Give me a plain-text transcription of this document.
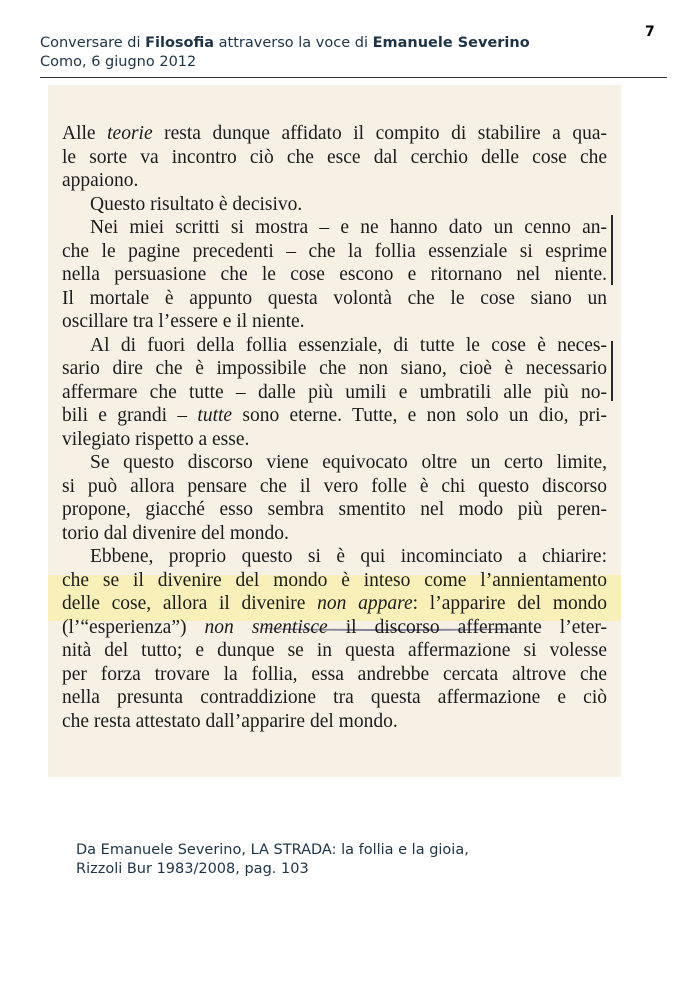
Conversare di Filosofia attraverso la voce di Emanuele Severino
Como, 6 giugno 2012
7
Alle teorie resta dunque affidato il compito di stabilire a qua-
le sorte va incontro ciò che esce dal cerchio delle cose che
appaiono.
Questo risultato è decisivo.
Nei miei scritti si mostra – e ne hanno dato un cenno an-
che le pagine precedenti – che la follia essenziale si esprime
nella persuasione che le cose escono e ritornano nel niente.
Il mortale è appunto questa volontà che le cose siano un
oscillare tra l’essere e il niente.
Al di fuori della follia essenziale, di tutte le cose è neces-
sario dire che è impossibile che non siano, cioè è necessario
affermare che tutte – dalle più umili e umbratili alle più no-
bili e grandi – tutte sono eterne. Tutte, e non solo un dio, pri-
vilegiato rispetto a esse.
Se questo discorso viene equivocato oltre un certo limite,
si può allora pensare che il vero folle è chi questo discorso
propone, giacché esso sembra smentito nel modo più peren-
torio dal divenire del mondo.
Ebbene, proprio questo si è qui incominciato a chiarire:
che se il divenire del mondo è inteso come l’annientamento
delle cose, allora il divenire non appare: l’apparire del mondo
(l’“esperienza”) non smentisce il discorso affermante l’eter-
nità del tutto; e dunque se in questa affermazione si volesse
per forza trovare la follia, essa andrebbe cercata altrove che
nella presunta contraddizione tra questa affermazione e ciò
che resta attestato dall’apparire del mondo.
Da Emanuele Severino, LA STRADA: la follia e la gioia,
Rizzoli Bur 1983/2008, pag. 103
